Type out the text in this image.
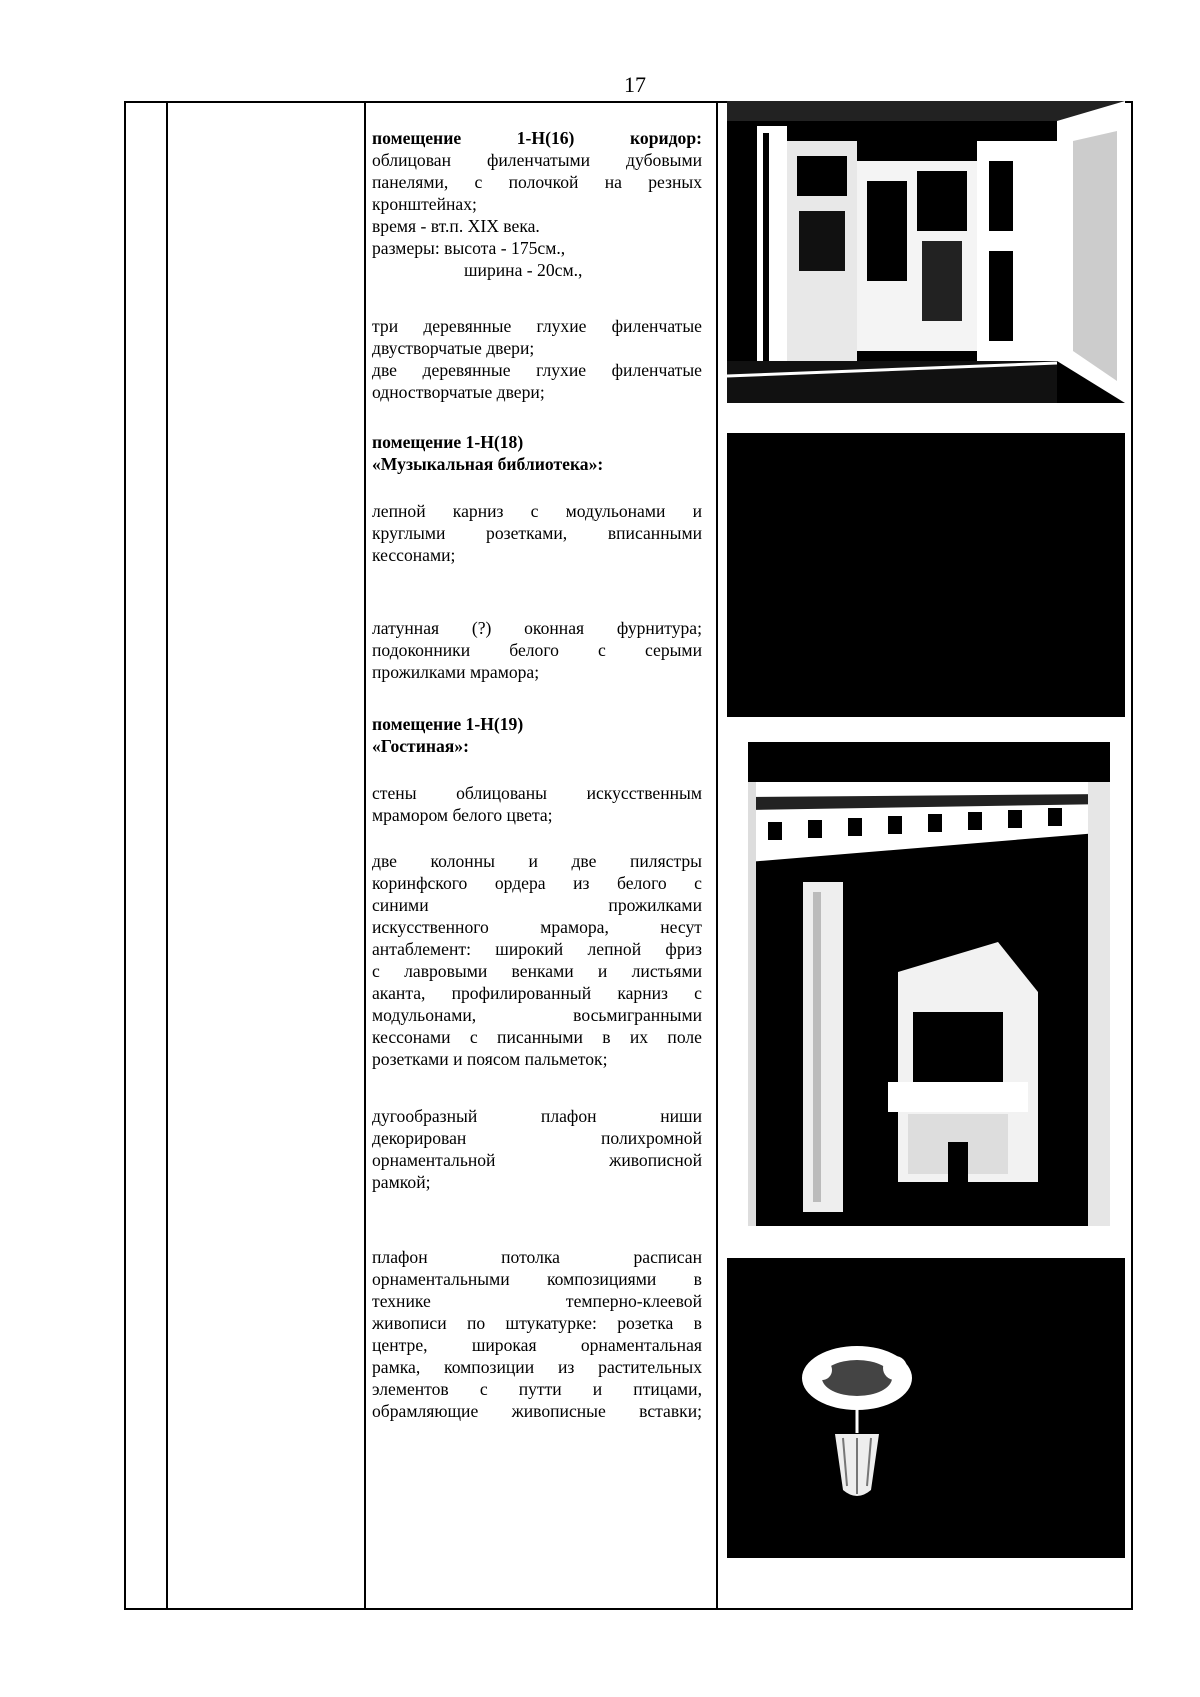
17

помещение 1-Н(16) коридор:

облицован филенчатыми дубовыми

панелями, с полочкой на резных

кронштейнах;

время - вт.п. XIX века.

размеры: высота - 175см.,

ширина - 20см.,

три деревянные глухие филенчатые

двустворчатые двери;

две деревянные глухие филенчатые

одностворчатые двери;

помещение 1-Н(18)

«Музыкальная библиотека»:

лепной карниз с модульонами и

круглыми розетками, вписанными

кессонами;

латунная (?) оконная фурнитура;

подоконники белого с серыми

прожилками мрамора;

помещение 1-Н(19)

«Гостиная»:

стены облицованы искусственным

мрамором белого цвета;

две колонны и две пилястры

коринфского ордера из белого с

синими прожилками

искусственного мрамора, несут

антаблемент: широкий лепной фриз

с лавровыми венками и листьями

аканта, профилированный карниз с

модульонами, восьмигранными

кессонами с писанными в их поле

розетками и поясом пальметок;

дугообразный плафон ниши

декорирован полихромной

орнаментальной живописной

рамкой;

плафон потолка расписан

орнаментальными композициями в

технике темперно-клеевой

живописи по штукатурке: розетка в

центре, широкая орнаментальная

рамка, композиции из растительных

элементов с путти и птицами,

обрамляющие живописные вставки;
